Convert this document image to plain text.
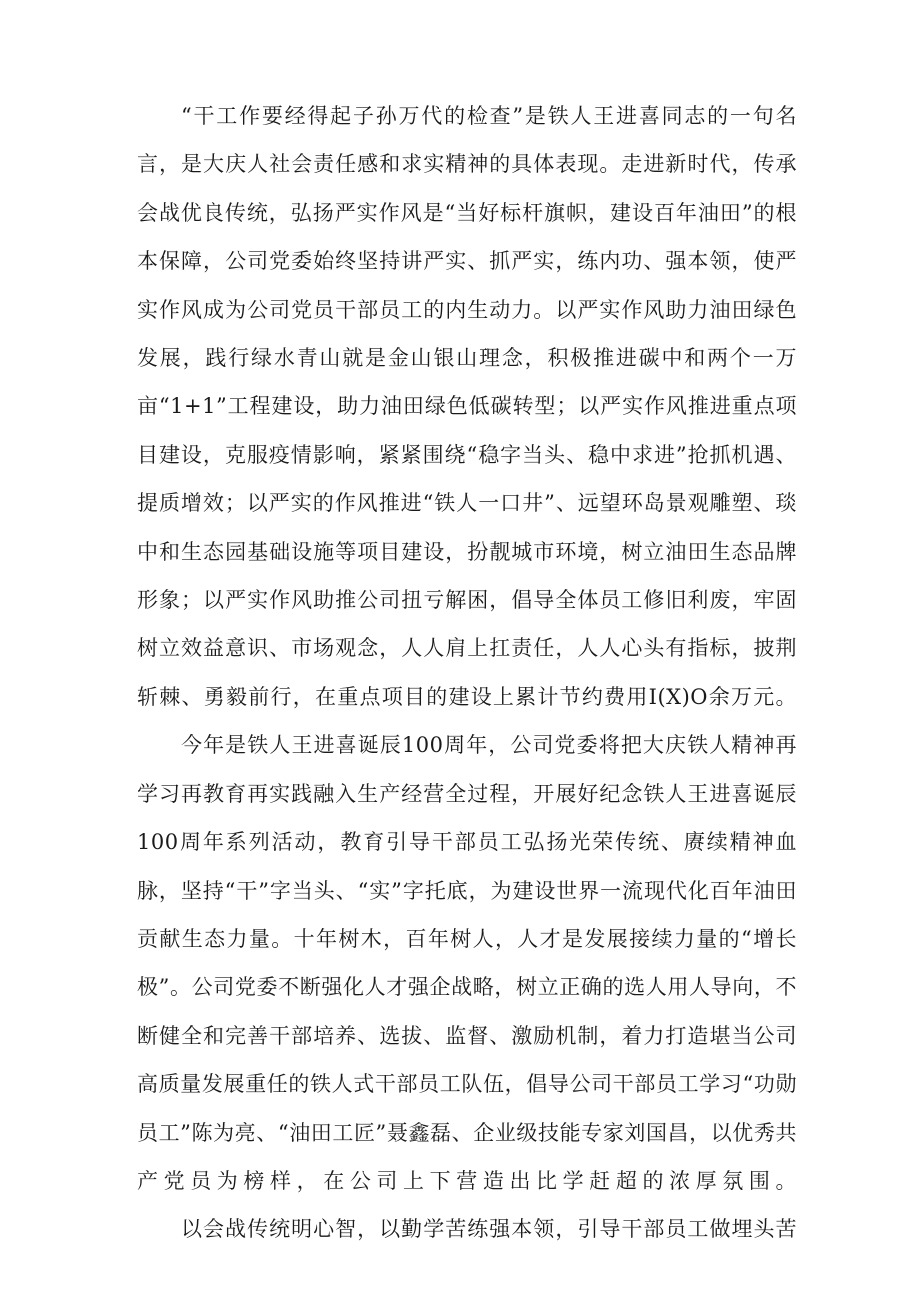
“干工作要经得起子孙万代的检查”是铁人王进喜同志的一句名言，是大庆人社会责任感和求实精神的具体表现。走进新时代，传承会战优良传统，弘扬严实作风是“当好标杆旗帜，建设百年油田”的根本保障，公司党委始终坚持讲严实、抓严实，练内功、强本领，使严实作风成为公司党员干部员工的内生动力。以严实作风助力油田绿色发展，践行绿水青山就是金山银山理念，积极推进碳中和两个一万亩“1+1”工程建设，助力油田绿色低碳转型；以严实作风推进重点项目建设，克服疫情影响，紧紧围绕“稳字当头、稳中求进”抢抓机遇、提质增效；以严实的作风推进“铁人一口井”、远望环岛景观雕塑、琰中和生态园基础设施等项目建设，扮靓城市环境，树立油田生态品牌形象；以严实作风助推公司扭亏解困，倡导全体员工修旧利废，牢固树立效益意识、市场观念，人人肩上扛责任，人人心头有指标，披荆斩棘、勇毅前行，在重点项目的建设上累计节约费用I(X)O余万元。

今年是铁人王进喜诞辰100周年，公司党委将把大庆铁人精神再学习再教育再实践融入生产经营全过程，开展好纪念铁人王进喜诞辰100周年系列活动，教育引导干部员工弘扬光荣传统、赓续精神血脉，坚持“干”字当头、“实”字托底，为建设世界一流现代化百年油田贡献生态力量。十年树木，百年树人，人才是发展接续力量的“增长极”。公司党委不断强化人才强企战略，树立正确的选人用人导向，不断健全和完善干部培养、选拔、监督、激励机制，着力打造堪当公司高质量发展重任的铁人式干部员工队伍，倡导公司干部员工学习“功勋员工”陈为亮、“油田工匠”聂鑫磊、企业级技能专家刘国昌，以优秀共产党员为榜样，在公司上下营造出比学赶超的浓厚氛围。

以会战传统明心智，以勤学苦练强本领，引导干部员工做埋头苦
